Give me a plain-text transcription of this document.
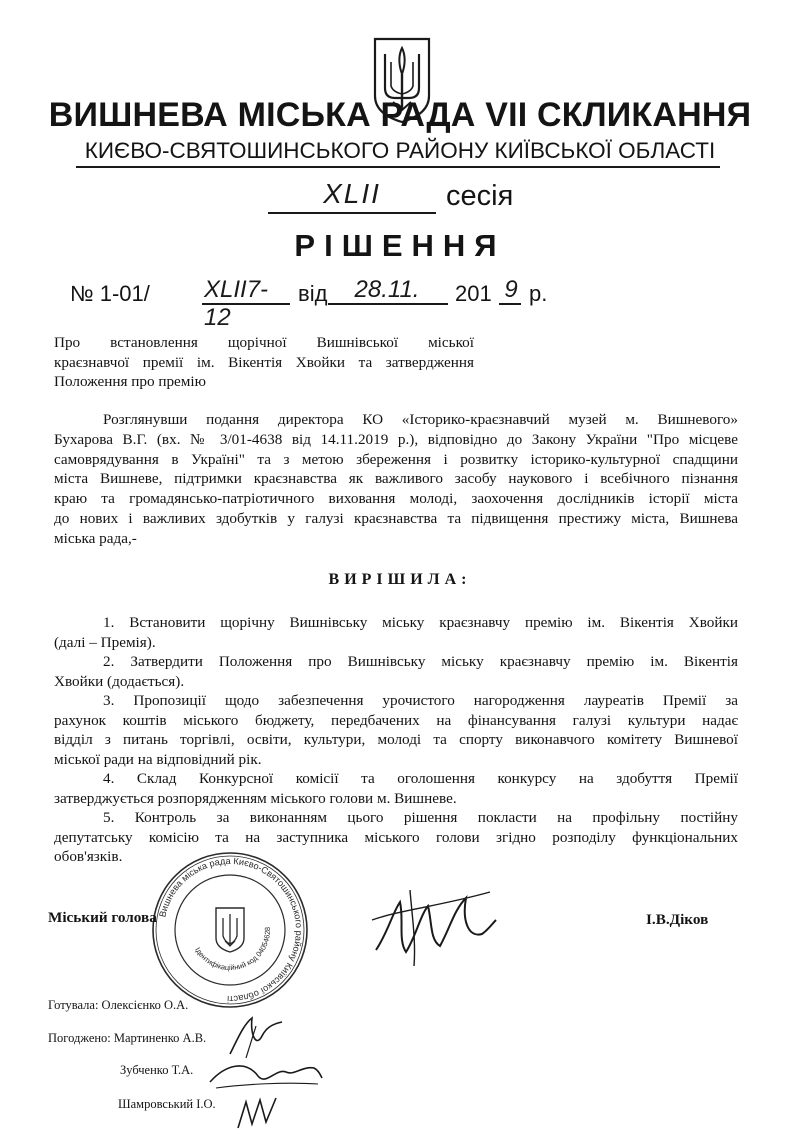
ВИШНЕВА МІСЬКА РАДА VII СКЛИКАННЯ
КИЄВО-СВЯТОШИНСЬКОГО РАЙОНУ КИЇВСЬКОЇ ОБЛАСТІ
XLII	сесія
РІШЕННЯ
№ 1-01/ XLII7-12
від	28.11.	201 9 р.
Про встановлення щорічної Вишнівської міської
краєзнавчої премії ім. Вікентія Хвойки та затвердження
Положення про премію
Розглянувши подання директора КО «Історико-краєзнавчий музей м. Вишневого»
Бухарова В.Г. (вх. № 3/01-4638 від 14.11.2019 р.), відповідно до Закону України "Про місцеве
самоврядування в Україні" та з метою збереження і розвитку історико-культурної спадщини
міста Вишневе, підтримки краєзнавства як важливого засобу наукового і всебічного пізнання
краю та громадянсько-патріотичного виховання молоді, заохочення дослідників історії міста
до нових і важливих здобутків у галузі краєзнавства та підвищення престижу міста, Вишнева
міська рада,-
ВИРІШИЛА:
1. Встановити щорічну Вишнівську міську краєзнавчу премію ім. Вікентія Хвойки
(далі – Премія).
2. Затвердити Положення про Вишнівську міську краєзнавчу премію ім. Вікентія
Хвойки (додається).
3. Пропозиції щодо забезпечення урочистого нагородження лауреатів Премії за
рахунок коштів міського бюджету, передбачених на фінансування галузі культури надає
відділ з питань торгівлі, освіти, культури, молоді та спорту виконавчого комітету Вишневої
міської ради на відповідний рік.
4. Склад Конкурсної комісії та оголошення конкурсу на здобуття Премії
затверджується розпорядженням міського голови м. Вишневе.
5. Контроль за виконанням цього рішення покласти на профільну постійну
депутатську комісію та на заступника міського голови згідно розподілу функціональних
обов'язків.
Вишнева міська рада Києво-Святошинського району Київської області
Ідентифікаційний код 04054628
Міський голова	І.В.Діков
Готувала: Олексієнко О.А.
Погоджено: Мартиненко А.В.
Зубченко Т.А.
Шамровський І.О.
